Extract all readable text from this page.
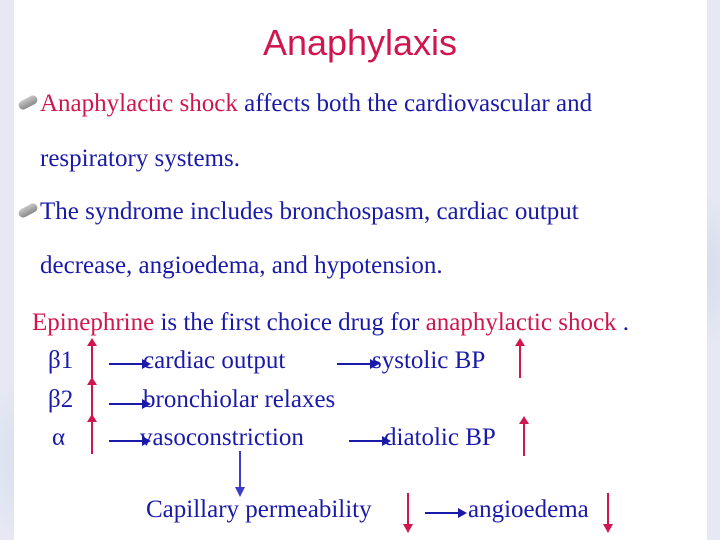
Anaphylaxis
Anaphylactic shock affects both the cardiovascular and
respiratory systems.
The syndrome includes bronchospasm, cardiac output
decrease, angioedema, and hypotension.
Epinephrine is the first choice drug for anaphylactic shock .
β1	cardiac output	systolic BP
β2	bronchiolar relaxes
α	vasoconstriction	diatolic BP
Capillary permeability	angioedema
